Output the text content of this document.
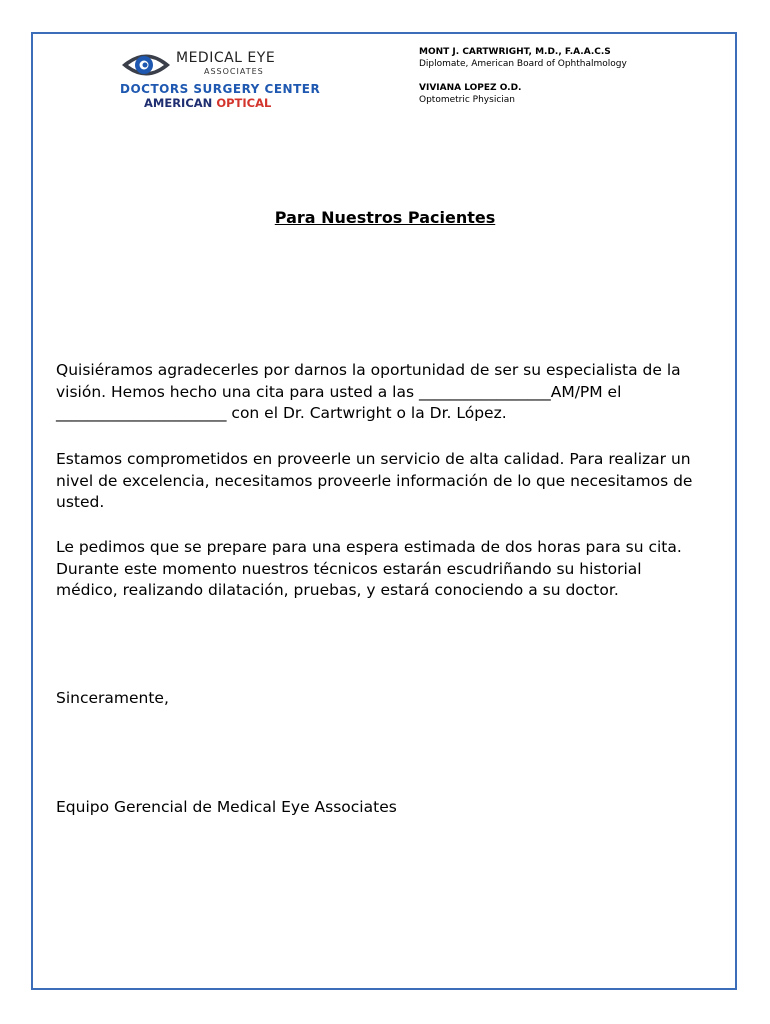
MEDICAL EYE
ASSOCIATES
DOCTORS SURGERY CENTER
AMERICAN OPTICAL
MONT J. CARTWRIGHT, M.D., F.A.A.C.S
Diplomate, American Board of Ophthalmology
VIVIANA LOPEZ O.D.
Optometric Physician
Para Nuestros Pacientes
Quisiéramos agradecerles por darnos la oportunidad de ser su especialista de la visión. Hemos hecho una cita para usted a las _________________AM/PM el ______________________ con el Dr. Cartwright o la Dr. López.
Estamos comprometidos en proveerle un servicio de alta calidad. Para realizar un nivel de excelencia, necesitamos proveerle información de lo que necesitamos de usted.
Le pedimos que se prepare para una espera estimada de dos horas para su cita. Durante este momento nuestros técnicos estarán escudriñando su historial médico, realizando dilatación, pruebas, y estará conociendo a su doctor.
Sinceramente,
Equipo Gerencial de Medical Eye Associates
